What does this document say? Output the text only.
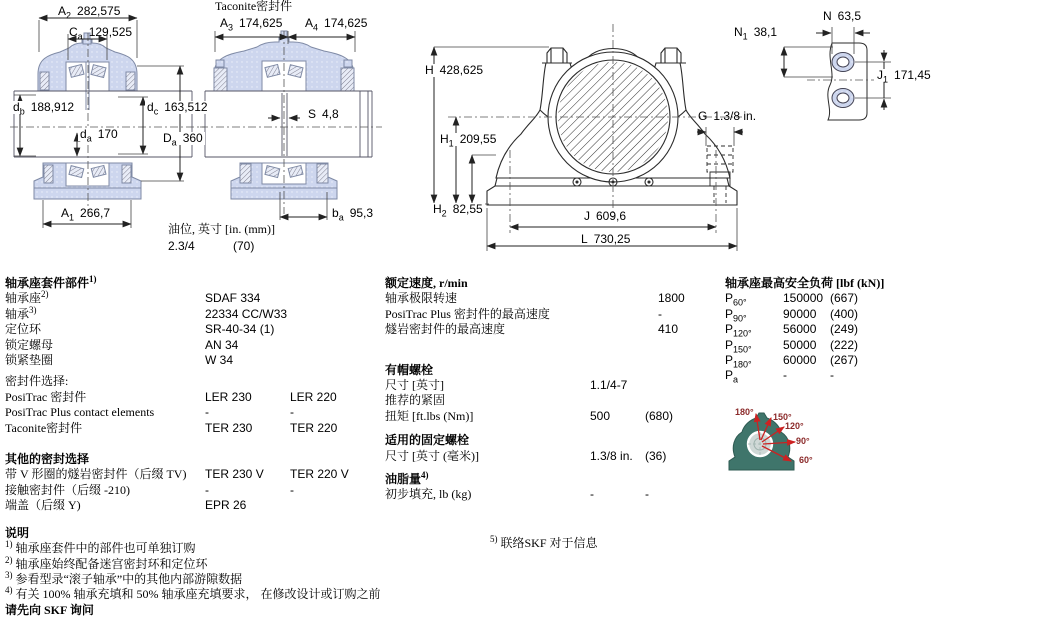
$A_2$ 282,575
$C_a$ 129,525
$d_b$ 188,912	$d_c$ 163,512
$d_a$ 170	$D_a$ 360
$A_1$ 266,7
Taconite密封件
$A_3$ 174,625 $A_4$ 174,625
S 4,8
$b_a$ 95,3
油位, 英寸 [in. (mm)]
2.3/4	(70)
H 428,625
$H_1$ 209,55
$H_2$ 82,55
G 1.3/8 in.
J 609,6
L 730,25
N 63,5
$N_1$ 38,1
$J_1$ 171,45
180° 150°
120°
90°
60°
轴承座套件部件$^{1)}$
轴承座$^{2)}$	SDAF 334
轴承$^{3)}$	22334 CC/W33
定位环	SR-40-34 (1)
锁定螺母	AN 34
锁紧垫圈	W 34
密封件选择:
PosiTrac 密封件	LER 230	LER 220
PosiTrac Plus contact elements	-	-
Taconite密封件	TER 230	TER 220
其他的密封选择
带 V 形圈的燧岩密封件（后缀 TV)	TER 230 V	TER 220 V
接触密封件（后缀 -210)	-	-
端盖（后缀 Y)	EPR 26
说明
$^{1)}$ 轴承座套件中的部件也可单独订购
$^{2)}$ 轴承座始终配备迷宫密封环和定位环
$^{3)}$ 参看型录“滚子轴承”中的其他内部游隙数据
$^{4)}$ 有关 100% 轴承充填和 50% 轴承座充填要求， 在修改设计或订购之前
请先向 SKF 询问
额定速度, r/min
轴承极限转速	1800
PosiTrac Plus 密封件的最高速度	-
燧岩密封件的最高速度	410
有帽螺栓
尺寸 [英寸]	1.1/4-7
推荐的紧固
扭矩 [ft.lbs (Nm)]	500	(680)
适用的固定螺栓
尺寸 [英寸 (毫米)]	1.3/8 in.	(36)
油脂量$^{4)}$
初步填充, lb (kg)	-	-
$^{5)}$ 联络SKF 对于信息
轴承座最高安全负荷 [lbf (kN)]
$P_{60^\circ}$	150000 (667)
$P_{90^\circ}$	90000	(400)
$P_{120^\circ}$	56000	(249)
$P_{150^\circ}$	50000	(222)
$P_{180^\circ}$	60000	(267)
$P_a$	-	-
